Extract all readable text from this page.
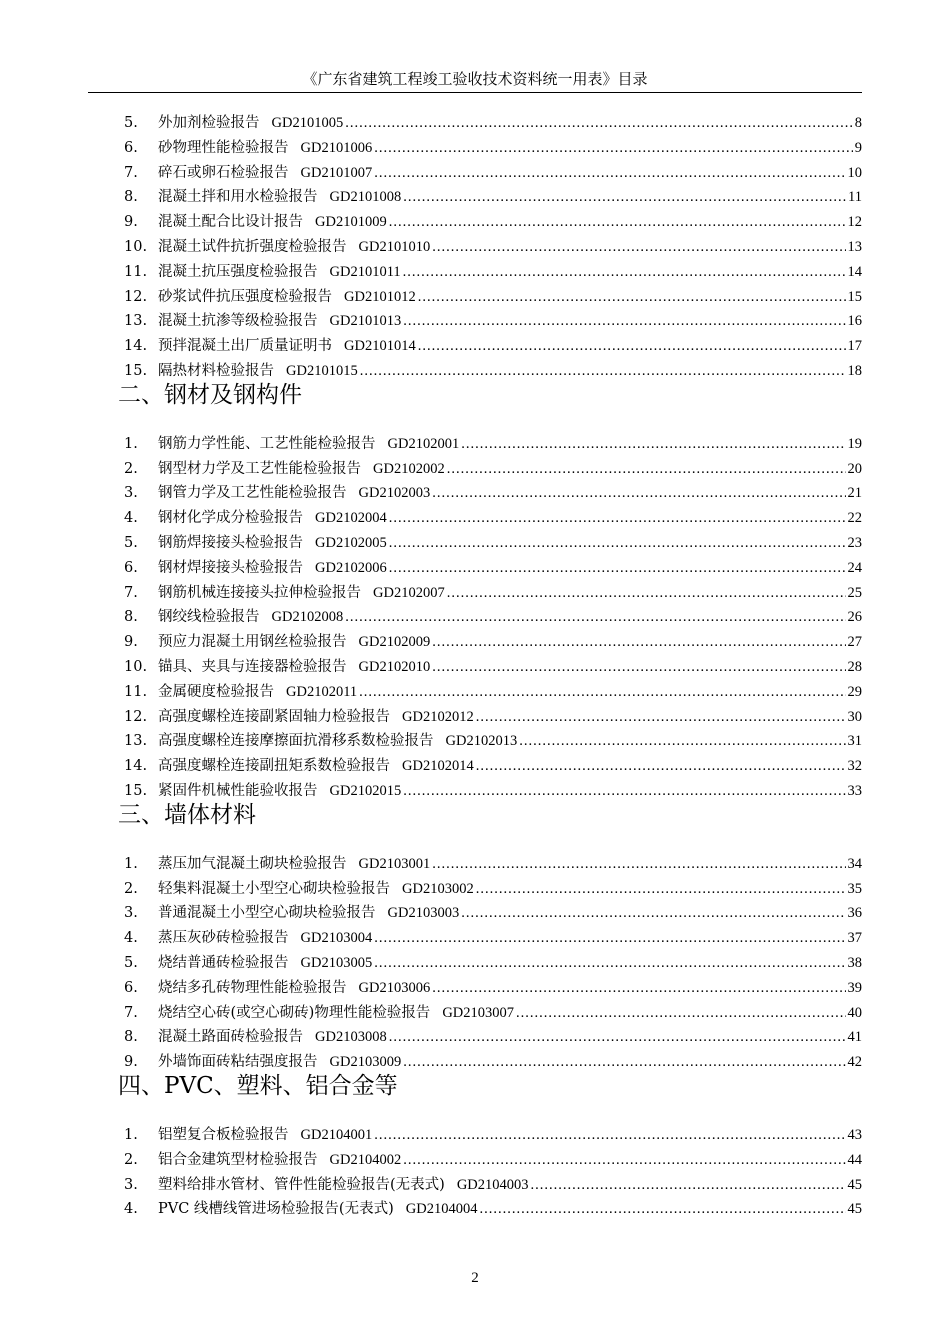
《广东省建筑工程竣工验收技术资料统一用表》目录
5.	外加剂检验报告 GD2101005 .....	8
6.	砂物理性能检验报告 GD2101006 .....	9
7.	碎石或卵石检验报告 GD2101007 .....	10
8.	混凝土拌和用水检验报告 GD2101008 .....	11
9.	混凝土配合比设计报告 GD2101009 .....	12
10. 混凝土试件抗折强度检验报告 GD2101010 .....	13
11. 混凝土抗压强度检验报告 GD2101011 .....	14
12. 砂浆试件抗压强度检验报告 GD2101012 .....	15
13. 混凝土抗渗等级检验报告 GD2101013 .....	16
14. 预拌混凝土出厂质量证明书 GD2101014 .....	17
15. 隔热材料检验报告 GD2101015 .....	18
二、钢材及钢构件
1.	钢筋力学性能、工艺性能检验报告 GD2102001 .....	19
2.	钢型材力学及工艺性能检验报告 GD2102002 .....	20
3.	钢管力学及工艺性能检验报告 GD2102003 .....	21
4.	钢材化学成分检验报告 GD2102004 .....	22
5.	钢筋焊接接头检验报告 GD2102005 .....	23
6.	钢材焊接接头检验报告 GD2102006 .....	24
7.	钢筋机械连接接头拉伸检验报告 GD2102007 .....	25
8.	钢绞线检验报告 GD2102008 .....	26
9.	预应力混凝土用钢丝检验报告 GD2102009 .....	27
10. 锚具、夹具与连接器检验报告 GD2102010 .....	28
11. 金属硬度检验报告 GD2102011 .....	29
12. 高强度螺栓连接副紧固轴力检验报告 GD2102012 .....	30
13. 高强度螺栓连接摩擦面抗滑移系数检验报告 GD2102013 .....	31
14. 高强度螺栓连接副扭矩系数检验报告 GD2102014 .....	32
15. 紧固件机械性能验收报告 GD2102015 .....	33
三、墙体材料
1.	蒸压加气混凝土砌块检验报告 GD2103001 .....	34
2.	轻集料混凝土小型空心砌块检验报告 GD2103002 .....	35
3.	普通混凝土小型空心砌块检验报告 GD2103003 .....	36
4.	蒸压灰砂砖检验报告 GD2103004 .....	37
5.	烧结普通砖检验报告 GD2103005 .....	38
6.	烧结多孔砖物理性能检验报告 GD2103006 .....	39
7.	烧结空心砖(或空心砌砖)物理性能检验报告 GD2103007 .....	40
8.	混凝土路面砖检验报告 GD2103008 .....	41
9.	外墙饰面砖粘结强度报告 GD2103009 .....	42
四、PVC、塑料、铝合金等
1.	铝塑复合板检验报告 GD2104001 .....	43
2.	铝合金建筑型材检验报告 GD2104002 .....	44
3.	塑料给排水管材、管件性能检验报告(无表式) GD2104003 .....	45
4.	PVC 线槽线管进场检验报告(无表式) GD2104004 .....	45
2
